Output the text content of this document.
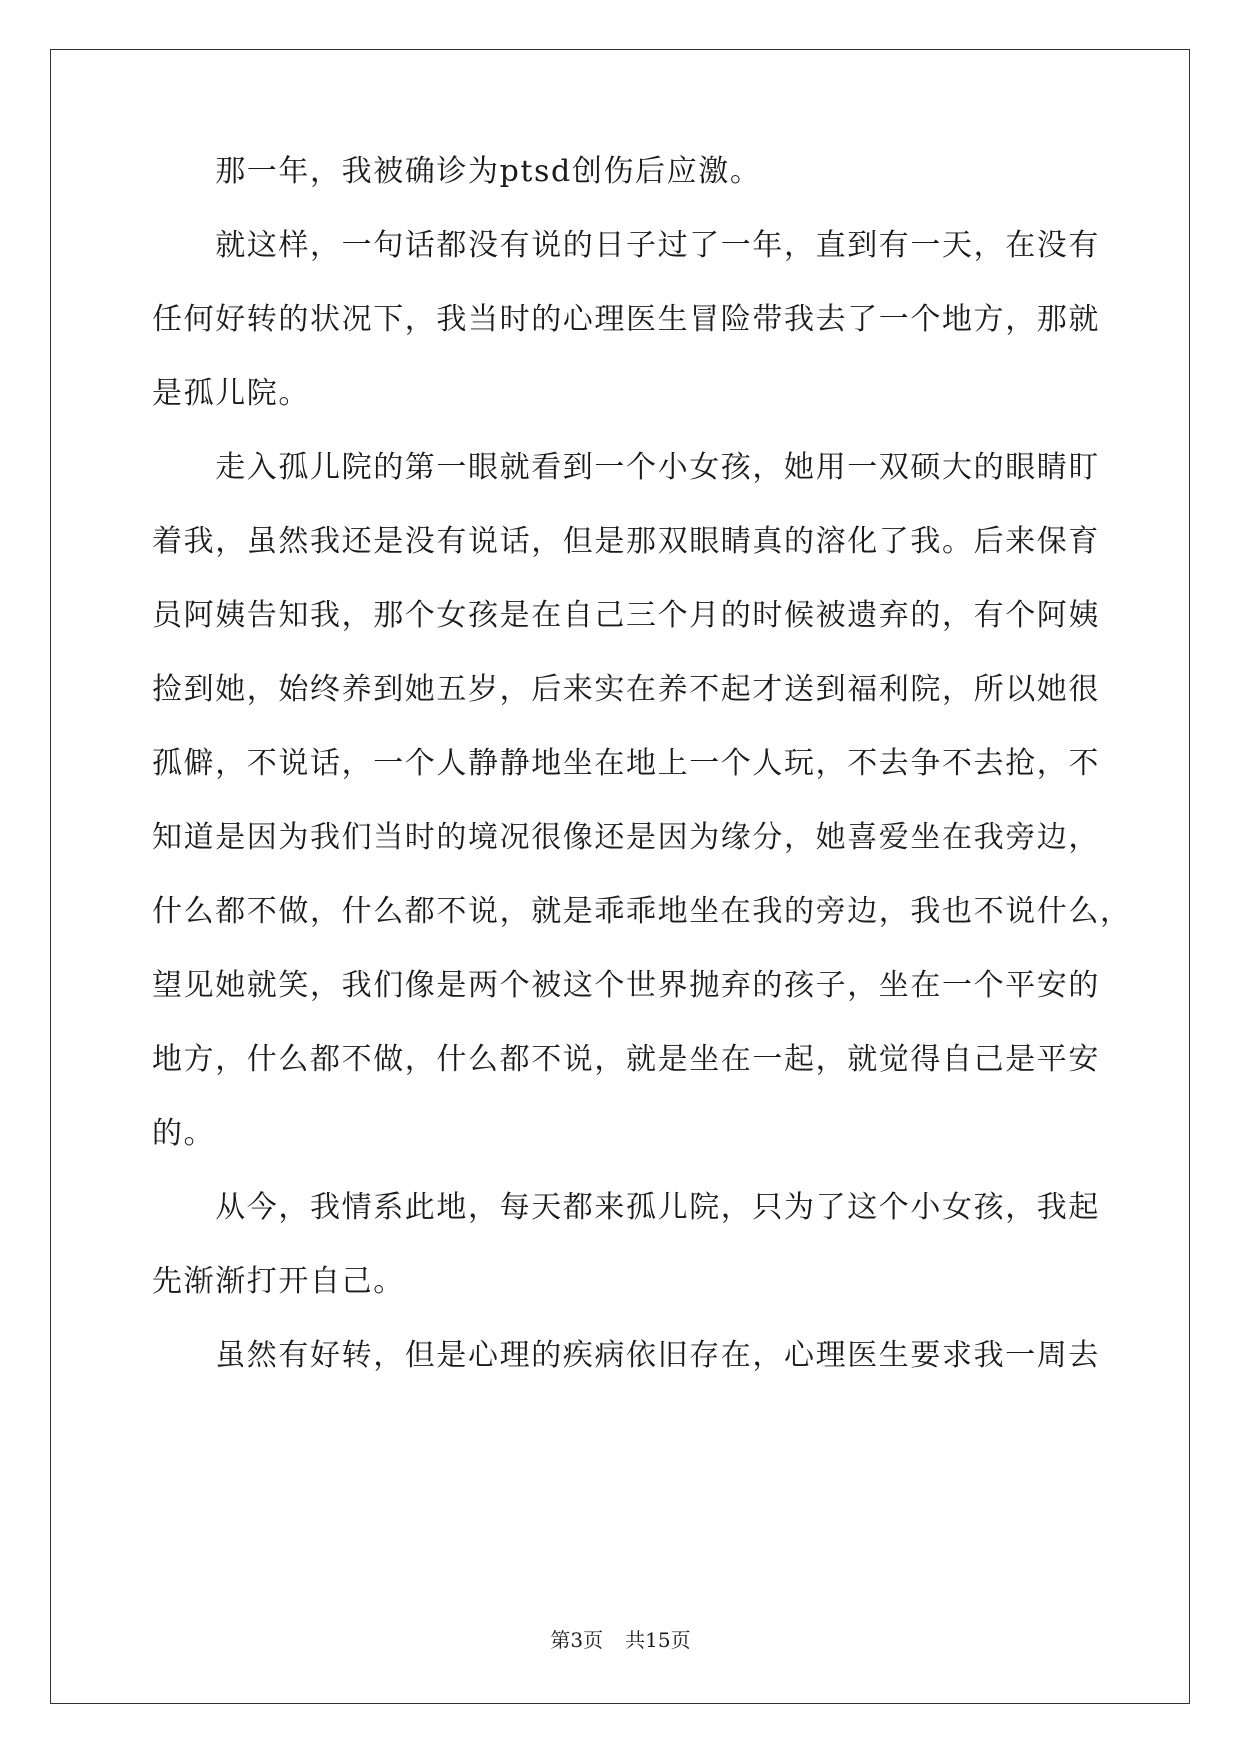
　　那一年，我被确诊为ptsd创伤后应激。
　　就这样，一句话都没有说的日子过了一年，直到有一天，在没有
任何好转的状况下，我当时的心理医生冒险带我去了一个地方，那就
是孤儿院。
　　走入孤儿院的第一眼就看到一个小女孩，她用一双硕大的眼睛盯
着我，虽然我还是没有说话，但是那双眼睛真的溶化了我。后来保育
员阿姨告知我，那个女孩是在自己三个月的时候被遗弃的，有个阿姨
捡到她，始终养到她五岁，后来实在养不起才送到福利院，所以她很
孤僻，不说话，一个人静静地坐在地上一个人玩，不去争不去抢，不
知道是因为我们当时的境况很像还是因为缘分，她喜爱坐在我旁边，
什么都不做，什么都不说，就是乖乖地坐在我的旁边，我也不说什么，
望见她就笑，我们像是两个被这个世界抛弃的孩子，坐在一个平安的
地方，什么都不做，什么都不说，就是坐在一起，就觉得自己是平安
的。
　　从今，我情系此地，每天都来孤儿院，只为了这个小女孩，我起
先渐渐打开自己。
　　虽然有好转，但是心理的疾病依旧存在，心理医生要求我一周去
第3页 共15页
